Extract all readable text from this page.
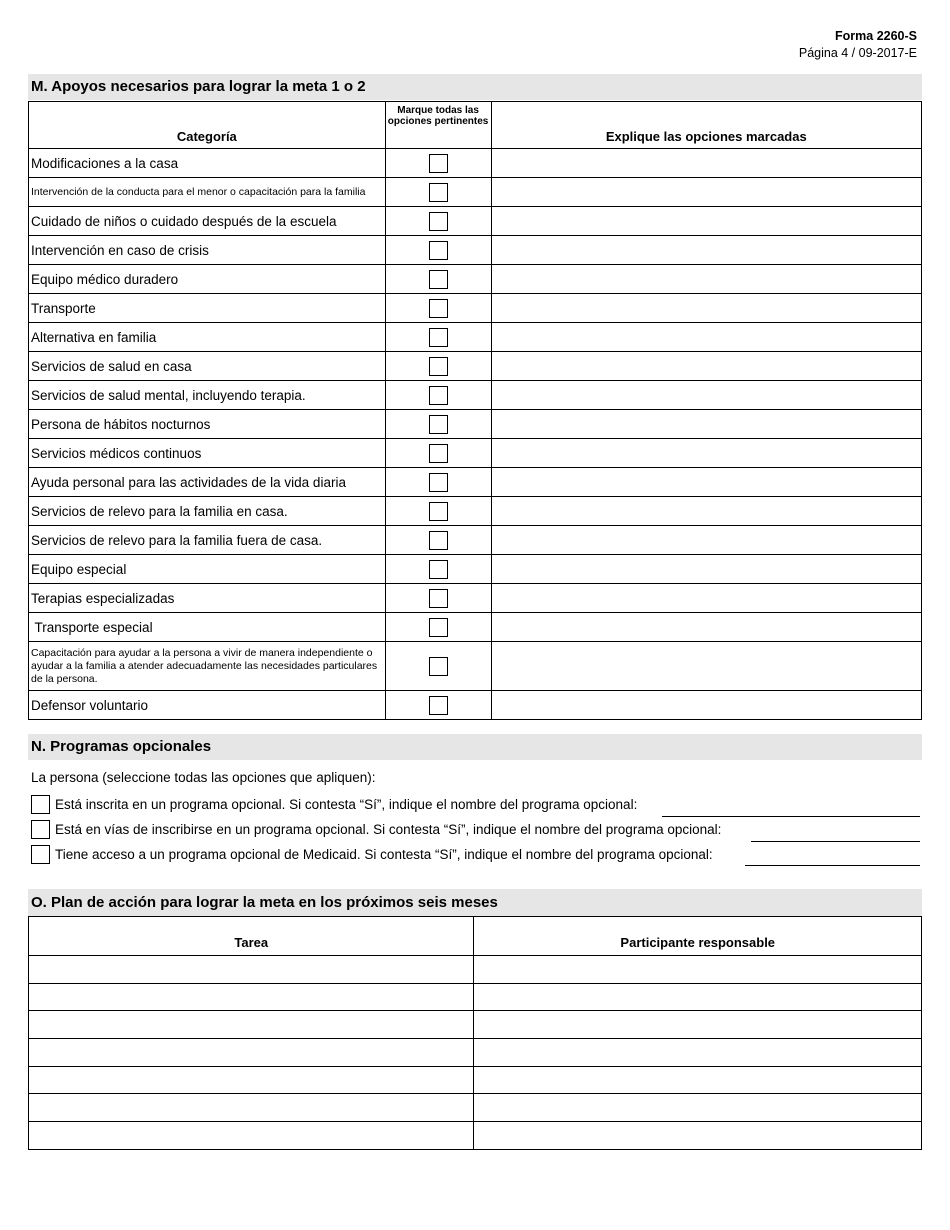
Forma 2260-S
Página 4 / 09-2017-E
M. Apoyos necesarios para lograr la meta 1 o 2
Categoría	Marque todas las opciones pertinentes	Explique las opciones marcadas
Modificaciones a la casa		
Intervención de la conducta para el menor o capacitación para la familia		
Cuidado de niños o cuidado después de la escuela		
Intervención en caso de crisis		
Equipo médico duradero		
Transporte		
Alternativa en familia		
Servicios de salud en casa		
Servicios de salud mental, incluyendo terapia.		
Persona de hábitos nocturnos		
Servicios médicos continuos		
Ayuda personal para las actividades de la vida diaria		
Servicios de relevo para la familia en casa.		
Servicios de relevo para la familia fuera de casa.		
Equipo especial		
Terapias especializadas		
Transporte especial		
Capacitación para ayudar a la persona a vivir de manera independiente o ayudar a la familia a atender adecuadamente las necesidades particulares de la persona.		
Defensor voluntario		
N. Programas opcionales
La persona (seleccione todas las opciones que apliquen):
Está inscrita en un programa opcional. Si contesta “Sí”, indique el nombre del programa opcional:
Está en vías de inscribirse en un programa opcional. Si contesta “Sí”, indique el nombre del programa opcional:
Tiene acceso a un programa opcional de Medicaid. Si contesta “Sí”, indique el nombre del programa opcional:
O. Plan de acción para lograr la meta en los próximos seis meses
Tarea	Participante responsable
